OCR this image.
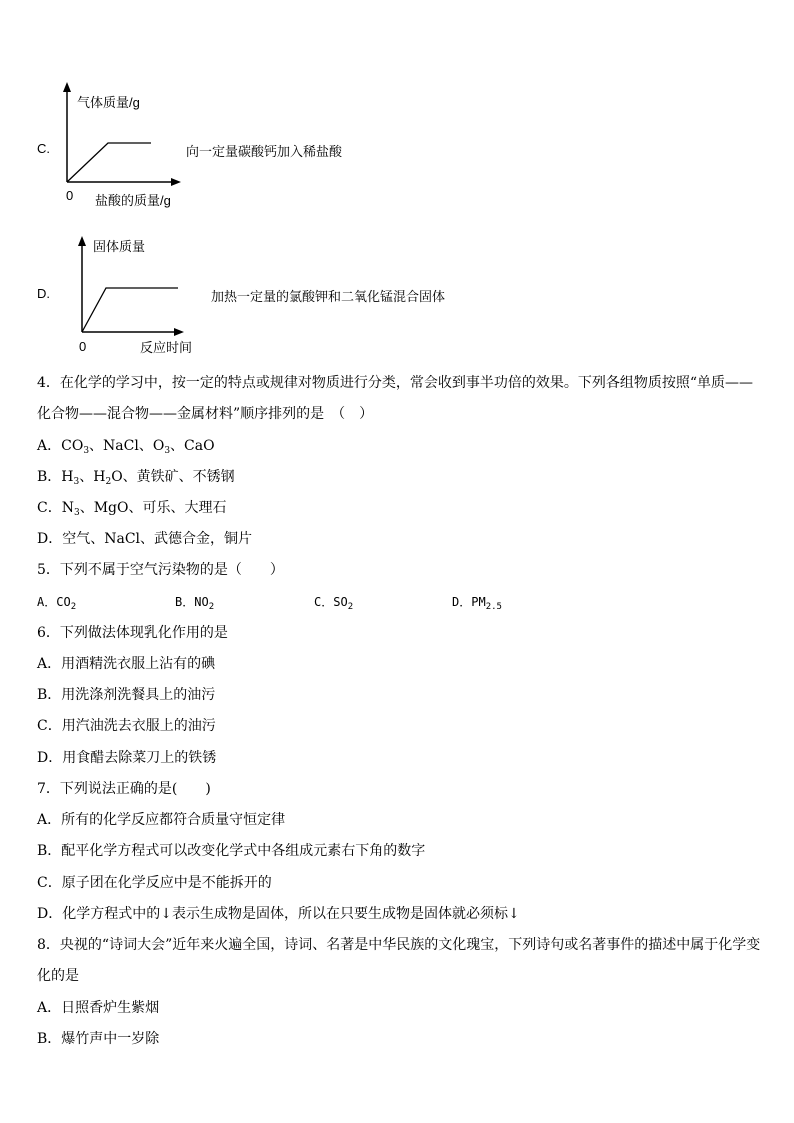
C.
气体质量/g
0 盐酸的质量/g
向一定量碳酸钙加入稀盐酸
D.
固体质量
0	反应时间
加热一定量的氯酸钾和二氧化锰混合固体
4．在化学的学习中，按一定的特点或规律对物质进行分类，常会收到事半功倍的效果。下列各组物质按照“单质——
化合物——混合物——金属材料”顺序排列的是　（　）
A．$CO_3$、NaCl、$O_3$、CaO
B．$H_3$、$H_2O$、黄铁矿、不锈钢
C．$N_3$、MgO、可乐、大理石
D．空气、NaCl、武德合金，铜片
5．下列不属于空气污染物的是（　　）
A．$CO_2$	B．$NO_2$	C．$SO_2$	D．$PM_{2.5}$
6．下列做法体现乳化作用的是
A．用酒精洗衣服上沾有的碘
B．用洗涤剂洗餐具上的油污
C．用汽油洗去衣服上的油污
D．用食醋去除菜刀上的铁锈
7．下列说法正确的是(　　)
A．所有的化学反应都符合质量守恒定律
B．配平化学方程式可以改变化学式中各组成元素右下角的数字
C．原子团在化学反应中是不能拆开的
D．化学方程式中的↓表示生成物是固体，所以在只要生成物是固体就必须标↓
8．央视的“诗词大会”近年来火遍全国，诗词、名著是中华民族的文化瑰宝，下列诗句或名著事件的描述中属于化学变
化的是
A．日照香炉生紫烟
B．爆竹声中一岁除
